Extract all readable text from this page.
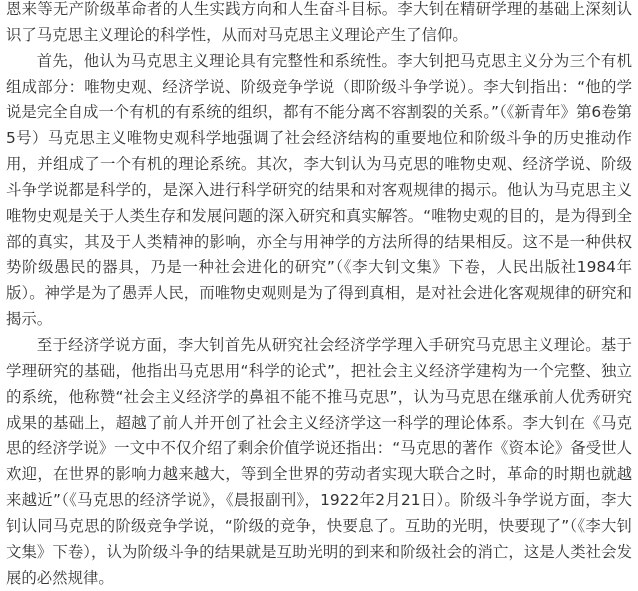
恩来等无产阶级革命者的人生实践方向和人生奋斗目标。李大钊在精研学理的基础上深刻认识了马克思主义理论的科学性，从而对马克思主义理论产生了信仰。

首先，他认为马克思主义理论具有完整性和系统性。李大钊把马克思主义分为三个有机组成部分：唯物史观、经济学说、阶级竞争学说（即阶级斗争学说）。李大钊指出：“他的学说是完全自成一个有机的有系统的组织，都有不能分离不容割裂的关系。”（《新青年》第6卷第5号）马克思主义唯物史观科学地强调了社会经济结构的重要地位和阶级斗争的历史推动作用，并组成了一个有机的理论系统。其次，李大钊认为马克思的唯物史观、经济学说、阶级斗争学说都是科学的，是深入进行科学研究的结果和对客观规律的揭示。他认为马克思主义唯物史观是关于人类生存和发展问题的深入研究和真实解答。“唯物史观的目的，是为得到全部的真实，其及于人类精神的影响，亦全与用神学的方法所得的结果相反。这不是一种供权势阶级愚民的器具，乃是一种社会进化的研究”（《李大钊文集》下卷，人民出版社1984年版）。神学是为了愚弄人民，而唯物史观则是为了得到真相，是对社会进化客观规律的研究和揭示。

至于经济学说方面，李大钊首先从研究社会经济学学理入手研究马克思主义理论。基于学理研究的基础，他指出马克思用“科学的论式”，把社会主义经济学建构为一个完整、独立的系统，他称赞“社会主义经济学的鼻祖不能不推马克思”，认为马克思在继承前人优秀研究成果的基础上，超越了前人并开创了社会主义经济学这一科学的理论体系。李大钊在《马克思的经济学说》一文中不仅介绍了剩余价值学说还指出：“马克思的著作《资本论》备受世人欢迎，在世界的影响力越来越大，等到全世界的劳动者实现大联合之时，革命的时期也就越来越近”（《马克思的经济学说》，《晨报副刊》，1922年2月21日）。阶级斗争学说方面，李大钊认同马克思的阶级竞争学说，“阶级的竞争，快要息了。互助的光明，快要现了”（《李大钊文集》下卷），认为阶级斗争的结果就是互助光明的到来和阶级社会的消亡，这是人类社会发展的必然规律。
